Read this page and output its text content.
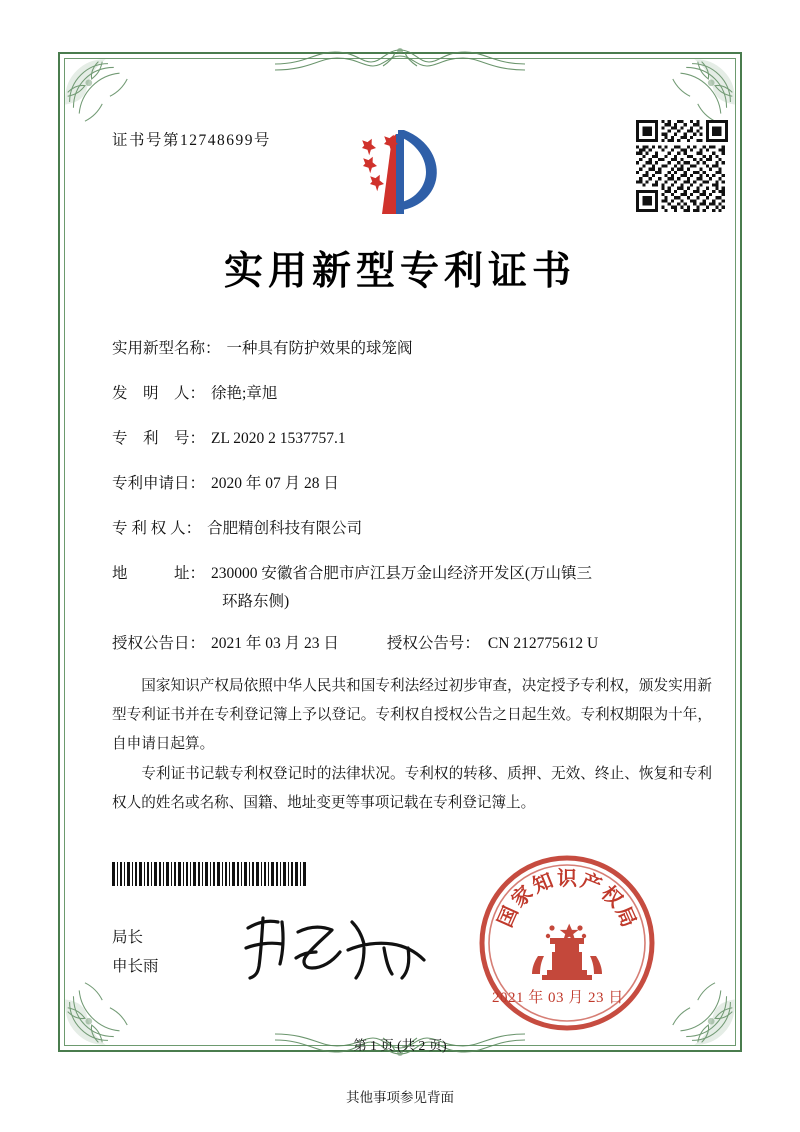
证书号第12748699号
实用新型专利证书
实用新型名称： 一种具有防护效果的球笼阀
发　明　人： 徐艳;章旭
专　利　号： ZL 2020 2 1537757.1
专利申请日： 2020 年 07 月 28 日
专 利 权 人： 合肥精创科技有限公司
地　　　址： 230000 安徽省合肥市庐江县万金山经济开发区(万山镇三
环路东侧)
授权公告日： 2021 年 03 月 23 日	授权公告号： CN 212775612 U

国家知识产权局依照中华人民共和国专利法经过初步审查，决定授予专利权，颁发实用新型专利证书并在专利登记簿上予以登记。专利权自授权公告之日起生效。专利权期限为十年，自申请日起算。

专利证书记载专利权登记时的法律状况。专利权的转移、质押、无效、终止、恢复和专利权人的姓名或名称、国籍、地址变更等事项记载在专利登记簿上。

局长
申长雨
国
家
知 识 产
权
局
2021 年 03 月 23 日
第 1 页 (共 2 页)
其他事项参见背面
